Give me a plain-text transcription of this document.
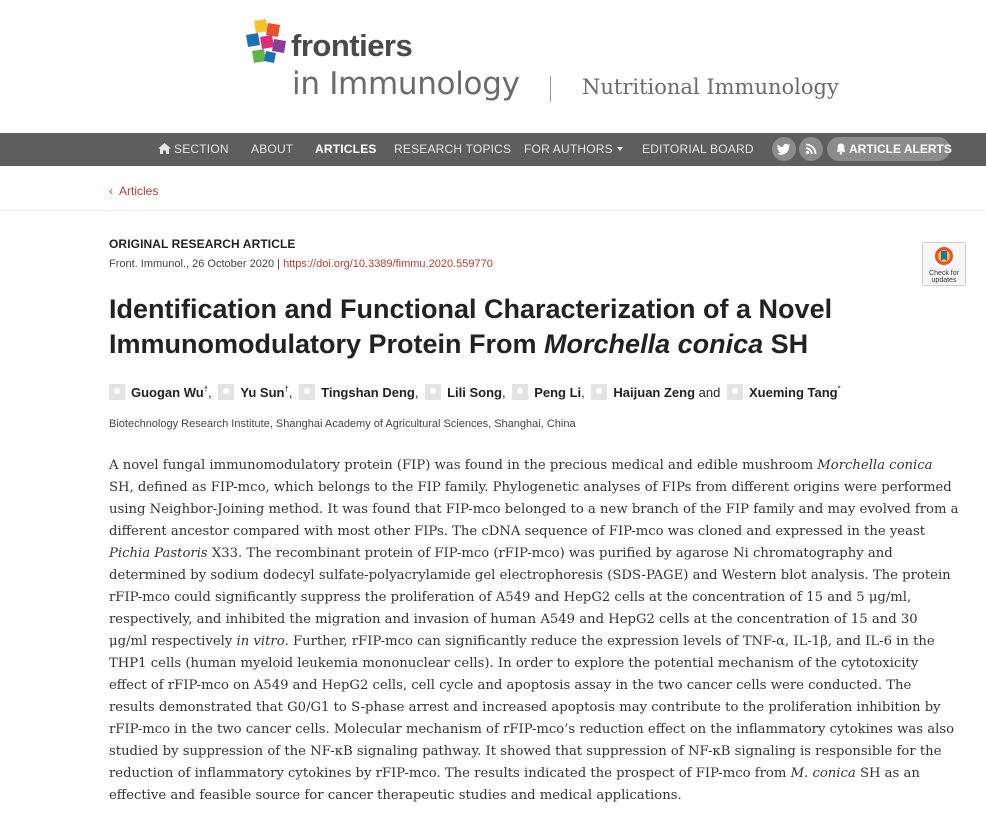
frontiers
in Immunology	Nutritional Immunology
SECTION ABOUT ARTICLES RESEARCH TOPICS FOR AUTHORS	EDITORIAL BOARD	ARTICLE ALERTS
‹ Articles
ORIGINAL RESEARCH ARTICLE
Front. Immunol., 26 October 2020 | https://doi.org/10.3389/fimmu.2020.559770
Check for updates
Identification and Functional Characterization of a Novel Immunomodulatory Protein From Morchella conica SH
Guogan Wu†, Yu Sun†, Tingshan Deng, Lili Song, Peng Li, Haijuan Zeng and Xueming Tang*
Biotechnology Research Institute, Shanghai Academy of Agricultural Sciences, Shanghai, China

A novel fungal immunomodulatory protein (FIP) was found in the precious medical and edible mushroom Morchella conica SH, defined as FIP-mco, which belongs to the FIP family. Phylogenetic analyses of FIPs from different origins were performed using Neighbor-Joining method. It was found that FIP-mco belonged to a new branch of the FIP family and may evolved from a different ancestor compared with most other FIPs. The cDNA sequence of FIP-mco was cloned and expressed in the yeast Pichia Pastoris X33. The recombinant protein of FIP-mco (rFIP-mco) was purified by agarose Ni chromatography and determined by sodium dodecyl sulfate-polyacrylamide gel electrophoresis (SDS-PAGE) and Western blot analysis. The protein rFIP-mco could significantly suppress the proliferation of A549 and HepG2 cells at the concentration of 15 and 5 μg/ml, respectively, and inhibited the migration and invasion of human A549 and HepG2 cells at the concentration of 15 and 30 μg/ml respectively in vitro. Further, rFIP-mco can significantly reduce the expression levels of TNF-α, IL-1β, and IL-6 in the THP1 cells (human myeloid leukemia mononuclear cells). In order to explore the potential mechanism of the cytotoxicity effect of rFIP-mco on A549 and HepG2 cells, cell cycle and apoptosis assay in the two cancer cells were conducted. The results demonstrated that G0/G1 to S-phase arrest and increased apoptosis may contribute to the proliferation inhibition by rFIP-mco in the two cancer cells. Molecular mechanism of rFIP-mco’s reduction effect on the inflammatory cytokines was also studied by suppression of the NF-κB signaling pathway. It showed that suppression of NF-κB signaling is responsible for the reduction of inflammatory cytokines by rFIP-mco. The results indicated the prospect of FIP-mco from M. conica SH as an effective and feasible source for cancer therapeutic studies and medical applications.
